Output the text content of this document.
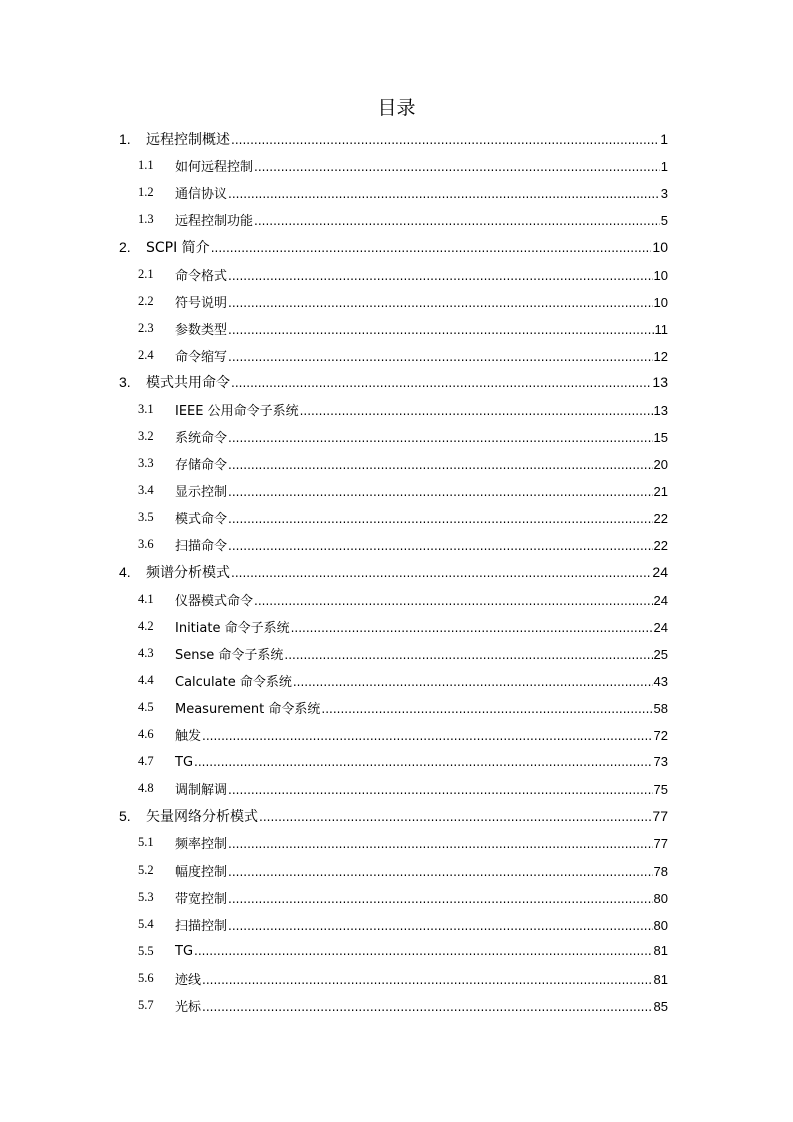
目录
1. 远程控制概述 .....	1
1.1 如何远程控制 .....	1
1.2 通信协议 .....	3
1.3 远程控制功能 .....	5
2. SCPI 简介 .....	10
2.1 命令格式 .....	10
2.2 符号说明 .....	10
2.3 参数类型 .....	11
2.4 命令缩写 .....	12
3. 模式共用命令 .....	13
3.1 IEEE 公用命令子系统 .....	13
3.2 系统命令 .....	15
3.3 存储命令 .....	20
3.4 显示控制 .....	21
3.5 模式命令 .....	22
3.6 扫描命令 .....	22
4. 频谱分析模式 .....	24
4.1 仪器模式命令 .....	24
4.2 Initiate 命令子系统 .....	24
4.3 Sense 命令子系统 .....	25
4.4 Calculate 命令系统 .....	43
4.5 Measurement 命令系统 .....	58
4.6 触发 .....	72
4.7 TG .....	73
4.8 调制解调 .....	75
5. 矢量网络分析模式 .....	77
5.1 频率控制 .....	77
5.2 幅度控制 .....	78
5.3 带宽控制 .....	80
5.4 扫描控制 .....	80
5.5 TG .....	81
5.6 迹线 .....	81
5.7 光标 .....	85
